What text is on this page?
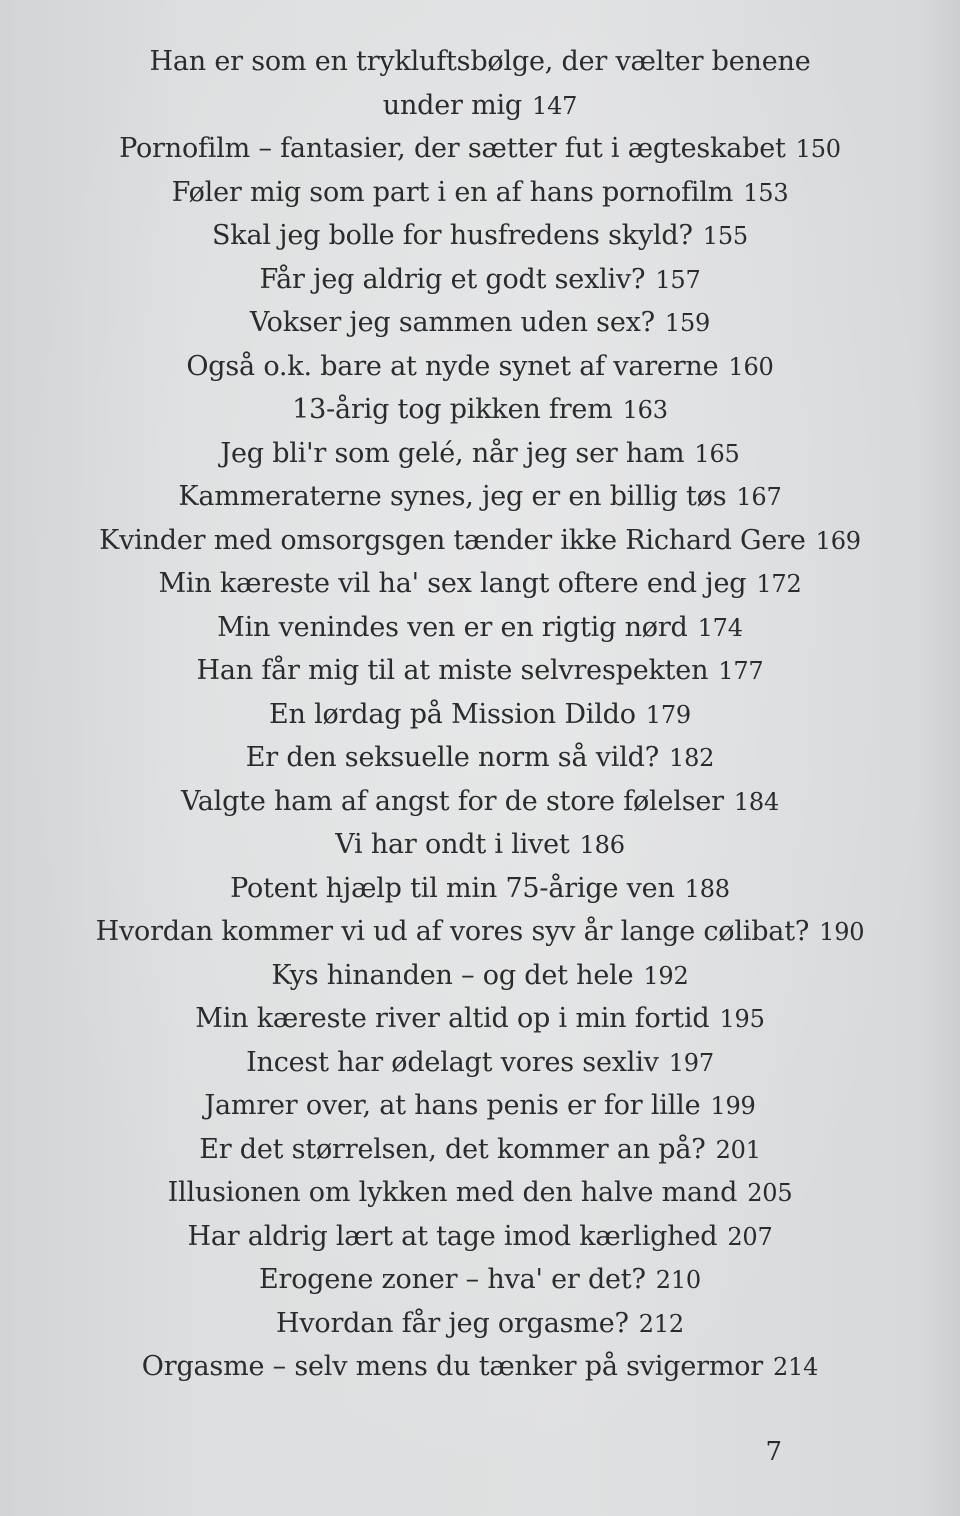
Han er som en trykluftsbølge, der vælter benene
under mig 147
Pornofilm – fantasier, der sætter fut i ægteskabet 150
Føler mig som part i en af hans pornofilm 153
Skal jeg bolle for husfredens skyld? 155
Får jeg aldrig et godt sexliv? 157
Vokser jeg sammen uden sex? 159
Også o.k. bare at nyde synet af varerne 160
13-årig tog pikken frem 163
Jeg bli'r som gelé, når jeg ser ham 165
Kammeraterne synes, jeg er en billig tøs 167
Kvinder med omsorgsgen tænder ikke Richard Gere 169
Min kæreste vil ha' sex langt oftere end jeg 172
Min venindes ven er en rigtig nørd 174
Han får mig til at miste selvrespekten 177
En lørdag på Mission Dildo 179
Er den seksuelle norm så vild? 182
Valgte ham af angst for de store følelser 184
Vi har ondt i livet 186
Potent hjælp til min 75-årige ven 188
Hvordan kommer vi ud af vores syv år lange cølibat? 190
Kys hinanden – og det hele 192
Min kæreste river altid op i min fortid 195
Incest har ødelagt vores sexliv 197
Jamrer over, at hans penis er for lille 199
Er det størrelsen, det kommer an på? 201
Illusionen om lykken med den halve mand 205
Har aldrig lært at tage imod kærlighed 207
Erogene zoner – hva' er det? 210
Hvordan får jeg orgasme? 212
Orgasme – selv mens du tænker på svigermor 214
7
